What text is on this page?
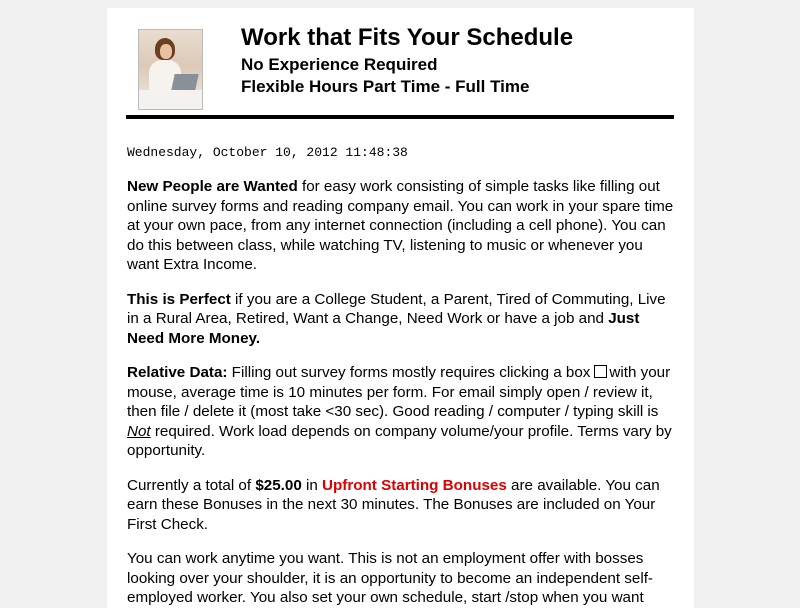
Work that Fits Your Schedule
No Experience Required
Flexible Hours Part Time - Full Time
Wednesday, October 10, 2012 11:48:38

New People are Wanted for easy work consisting of simple tasks like filling out online survey forms and reading company email. You can work in your spare time at your own pace, from any internet connection (including a cell phone). You can do this between class, while watching TV, listening to music or whenever you want Extra Income.

This is Perfect if you are a College Student, a Parent, Tired of Commuting, Live in a Rural Area, Retired, Want a Change, Need Work or have a job and Just Need More Money.

Relative Data: Filling out survey forms mostly requires clicking a box with your mouse, average time is 10 minutes per form. For email simply open / review it, then file / delete it (most take <30 sec). Good reading / computer / typing skill is Not required. Work load depends on company volume/your profile. Terms vary by opportunity.

Currently a total of $25.00 in Upfront Starting Bonuses are available. You can earn these Bonuses in the next 30 minutes. The Bonuses are included on Your First Check.

You can work anytime you want. This is not an employment offer with bosses looking over your shoulder, it is an opportunity to become an independent self-employed worker. You also set your own schedule, start /stop when you want
